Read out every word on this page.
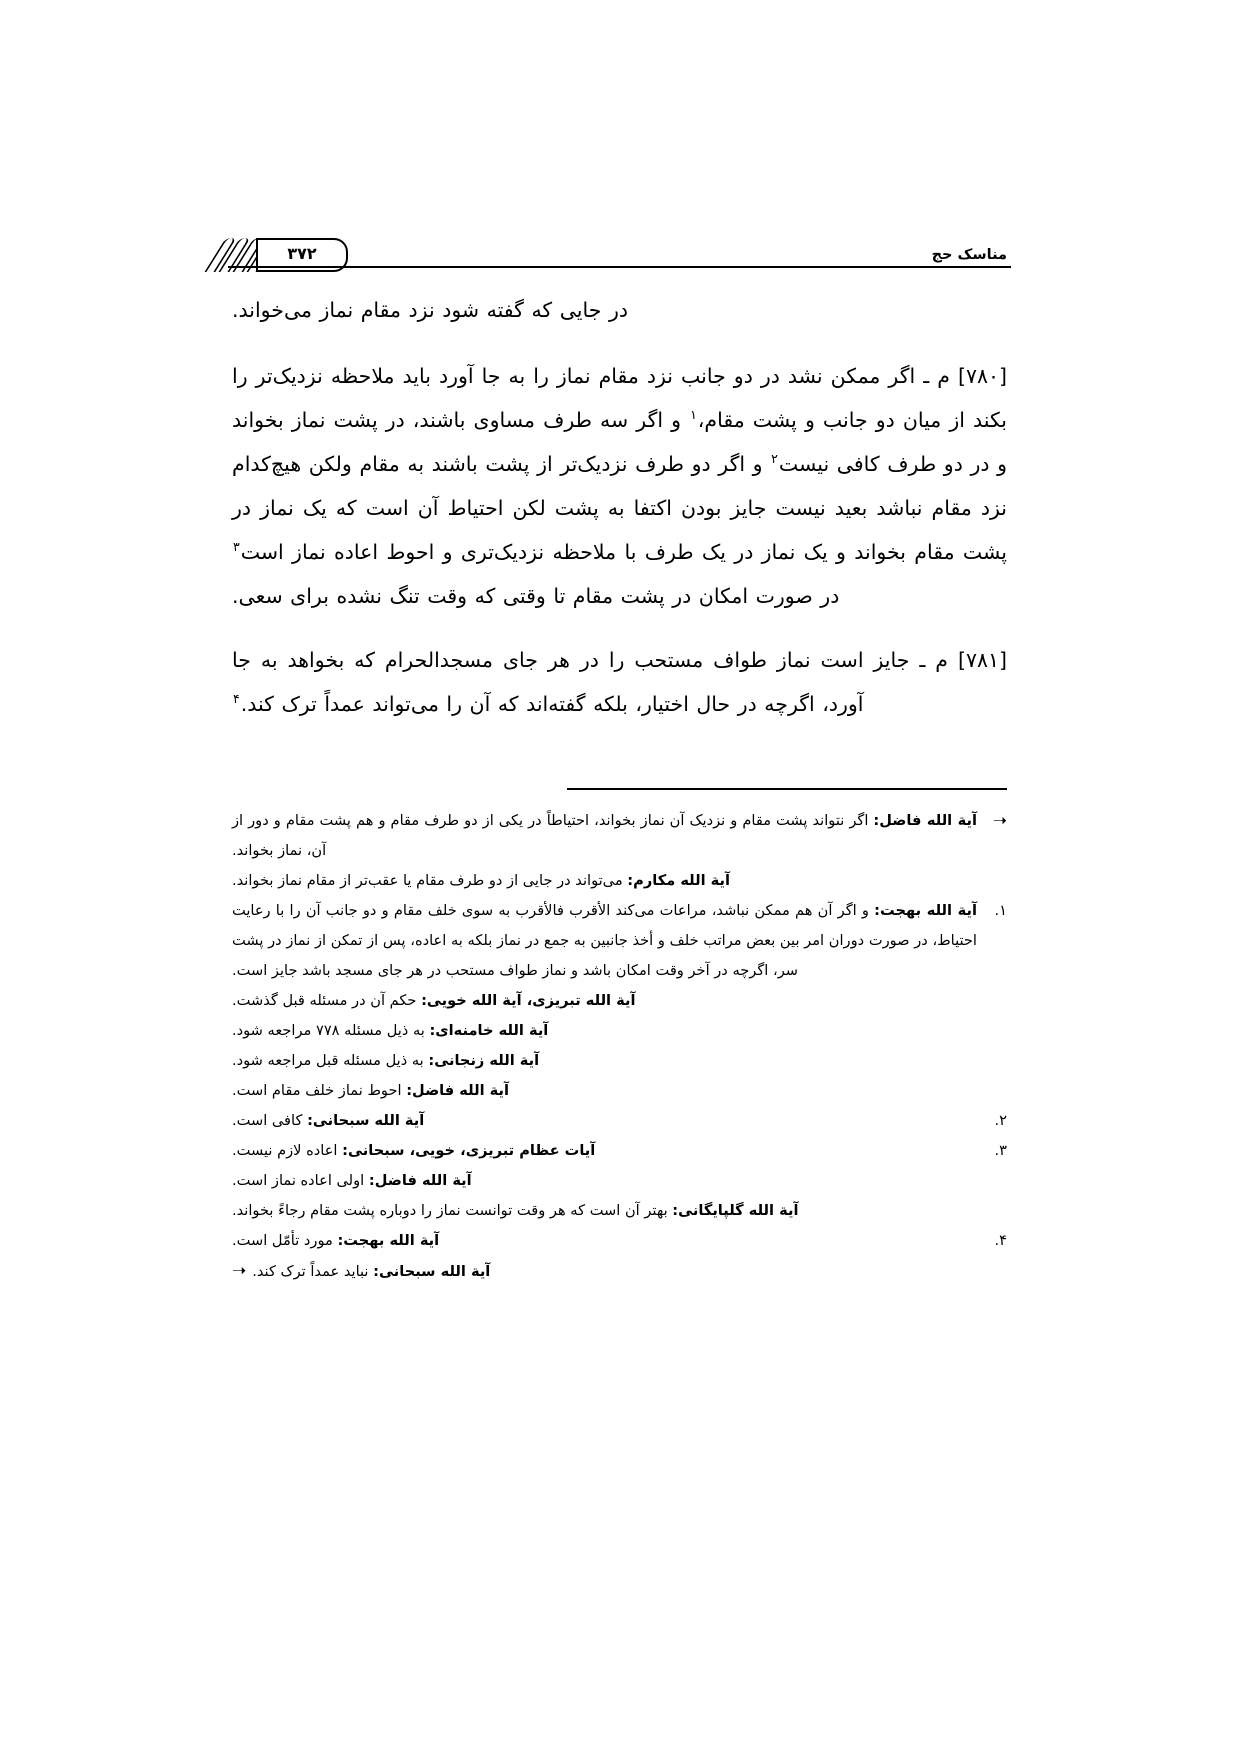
مناسک حج
۳۷۲

در جایی که گفته شود نزد مقام نماز می‌خواند.

[۷۸۰] م ـ اگر ممکن نشد در دو جانب نزد مقام نماز را به جا آورد باید ملاحظه نزدیک‌تر را بکند از میان دو جانب و پشت مقام،$^۱$ و اگر سه طرف مساوی باشند، در پشت نماز بخواند و در دو طرف کافی نیست$^۲$ و اگر دو طرف نزدیک‌تر از پشت باشند به مقام ولکن هیچ‌کدام نزد مقام نباشد بعید نیست جایز بودن اکتفا به پشت لکن احتیاط آن است که یک نماز در پشت مقام بخواند و یک نماز در یک طرف با ملاحظه نزدیک‌تری و احوط اعاده نماز است$^۳$ در صورت امکان در پشت مقام تا وقتی که وقت تنگ نشده برای سعی.

[۷۸۱] م ـ جایز است نماز طواف مستحب را در هر جای مسجدالحرام که بخواهد به جا آورد، اگرچه در حال اختیار، بلکه گفته‌اند که آن را می‌تواند عمداً ترک کند.$^۴$

➝
آیة الله فاضل: اگر نتواند پشت مقام و نزدیک آن نماز بخواند، احتیاطاً در یکی از دو طرف مقام و هم پشت مقام و دور از آن، نماز بخواند.
آیة الله مکارم: می‌تواند در جایی از دو طرف مقام یا عقب‌تر از مقام نماز بخواند.
۱.
آیة الله بهجت: و اگر آن هم ممکن نباشد، مراعات می‌کند الأقرب فالأقرب به سوی خلف مقام و دو جانب آن را با رعایت احتیاط، در صورت دوران امر بین بعض مراتب خلف و أخذ جانبین به جمع در نماز بلکه به اعاده، پس از تمکن از نماز در پشت سر، اگرچه در آخر وقت امکان باشد و نماز طواف مستحب در هر جای مسجد باشد جایز است.
آیة الله تبریزی، آیة الله خویی: حکم آن در مسئله قبل گذشت.
آیة الله خامنه‌ای: به ذیل مسئله ۷۷۸ مراجعه شود.
آیة الله زنجانی: به ذیل مسئله قبل مراجعه شود.
آیة الله فاضل: احوط نماز خلف مقام است.
۲.
آیة الله سبحانی: کافی است.
۳.
آیات عظام تبریزی، خویی، سبحانی: اعاده لازم نیست.
آیة الله فاضل: اولی اعاده نماز است.
آیة الله گلپایگانی: بهتر آن است که هر وقت توانست نماز را دوباره پشت مقام رجاءً بخواند.
۴.
آیة الله بهجت: مورد تأمّل است.
آیة الله سبحانی: نباید عمداً ترک کند.➝
